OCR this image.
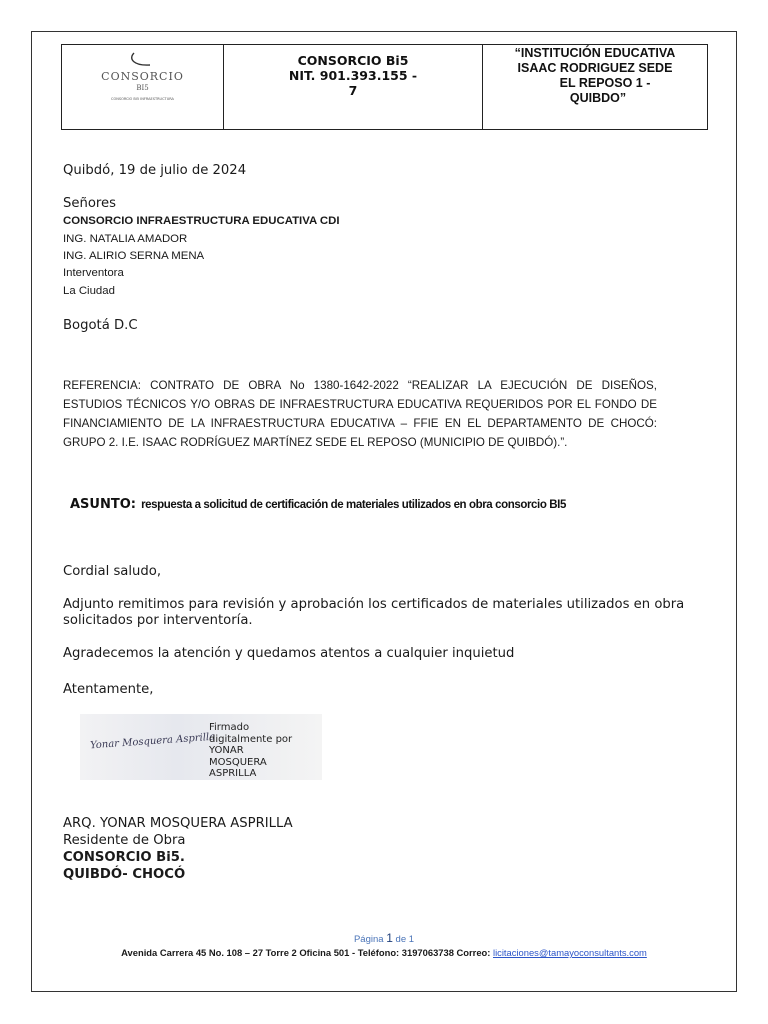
CONSORCIO
BI5
CONSORCIO BI5 INFRAESTRUCTURA
CONSORCIO Bi5
NIT. 901.393.155 -
7
“INSTITUCIÓN EDUCATIVA
ISAAC RODRIGUEZ SEDE
EL REPOSO 1 -
QUIBDO”
Quibdó, 19 de julio de 2024
Señores
CONSORCIO INFRAESTRUCTURA EDUCATIVA CDI
ING. NATALIA AMADOR
ING. ALIRIO SERNA MENA
Interventora
La Ciudad
Bogotá D.C
REFERENCIA: CONTRATO DE OBRA No 1380-1642-2022 “REALIZAR LA EJECUCIÓN DE DISEÑOS, ESTUDIOS TÉCNICOS Y/O OBRAS DE INFRAESTRUCTURA EDUCATIVA REQUERIDOS POR EL FONDO DE FINANCIAMIENTO DE LA INFRAESTRUCTURA EDUCATIVA – FFIE EN EL DEPARTAMENTO DE CHOCÓ: GRUPO 2. I.E. ISAAC RODRÍGUEZ MARTÍNEZ SEDE EL REPOSO (MUNICIPIO DE QUIBDÓ).”.
ASUNTO: respuesta a solicitud de certificación de materiales utilizados en obra consorcio BI5
Cordial saludo,
Adjunto remitimos para revisión y aprobación los certificados de materiales utilizados en obra solicitados por interventoría.
Agradecemos la atención y quedamos atentos a cualquier inquietud
Atentamente,
Yonar Mosquera Asprilla
Firmado
digitalmente por
YONAR
MOSQUERA
ASPRILLA
ARQ. YONAR MOSQUERA ASPRILLA
Residente de Obra
CONSORCIO Bi5.
QUIBDÓ- CHOCÓ
Página 1 de 1
Avenida Carrera 45 No. 108 – 27 Torre 2 Oficina 501 - Teléfono: 3197063738 Correo: licitaciones@tamayoconsultants.com
